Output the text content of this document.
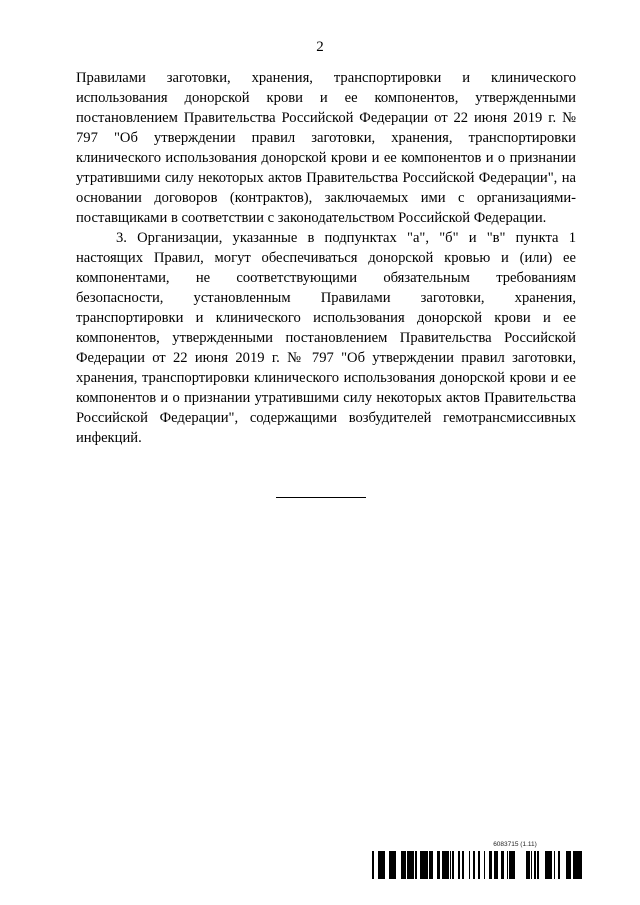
2

Правилами заготовки, хранения, транспортировки и клинического использования донорской крови и ее компонентов, утвержденными постановлением Правительства Российской Федерации от 22 июня 2019 г. № 797 "Об утверждении правил заготовки, хранения, транспортировки клинического использования донорской крови и ее компонентов и о признании утратившими силу некоторых актов Правительства Российской Федерации", на основании договоров (контрактов), заключаемых ими с организациями-поставщиками в соответствии с законодательством Российской Федерации.

3. Организации, указанные в подпунктах "а", "б" и "в" пункта 1 настоящих Правил, могут обеспечиваться донорской кровью и (или) ее компонентами, не соответствующими обязательным требованиям безопасности, установленным Правилами заготовки, хранения, транспортировки и клинического использования донорской крови и ее компонентов, утвержденными постановлением Правительства Российской Федерации от 22 июня 2019 г. № 797 "Об утверждении правил заготовки, хранения, транспортировки клинического использования донорской крови и ее компонентов и о признании утратившими силу некоторых актов Правительства Российской Федерации", содержащими возбудителей гемотрансмиссивных инфекций.

6083715 (1.11)
